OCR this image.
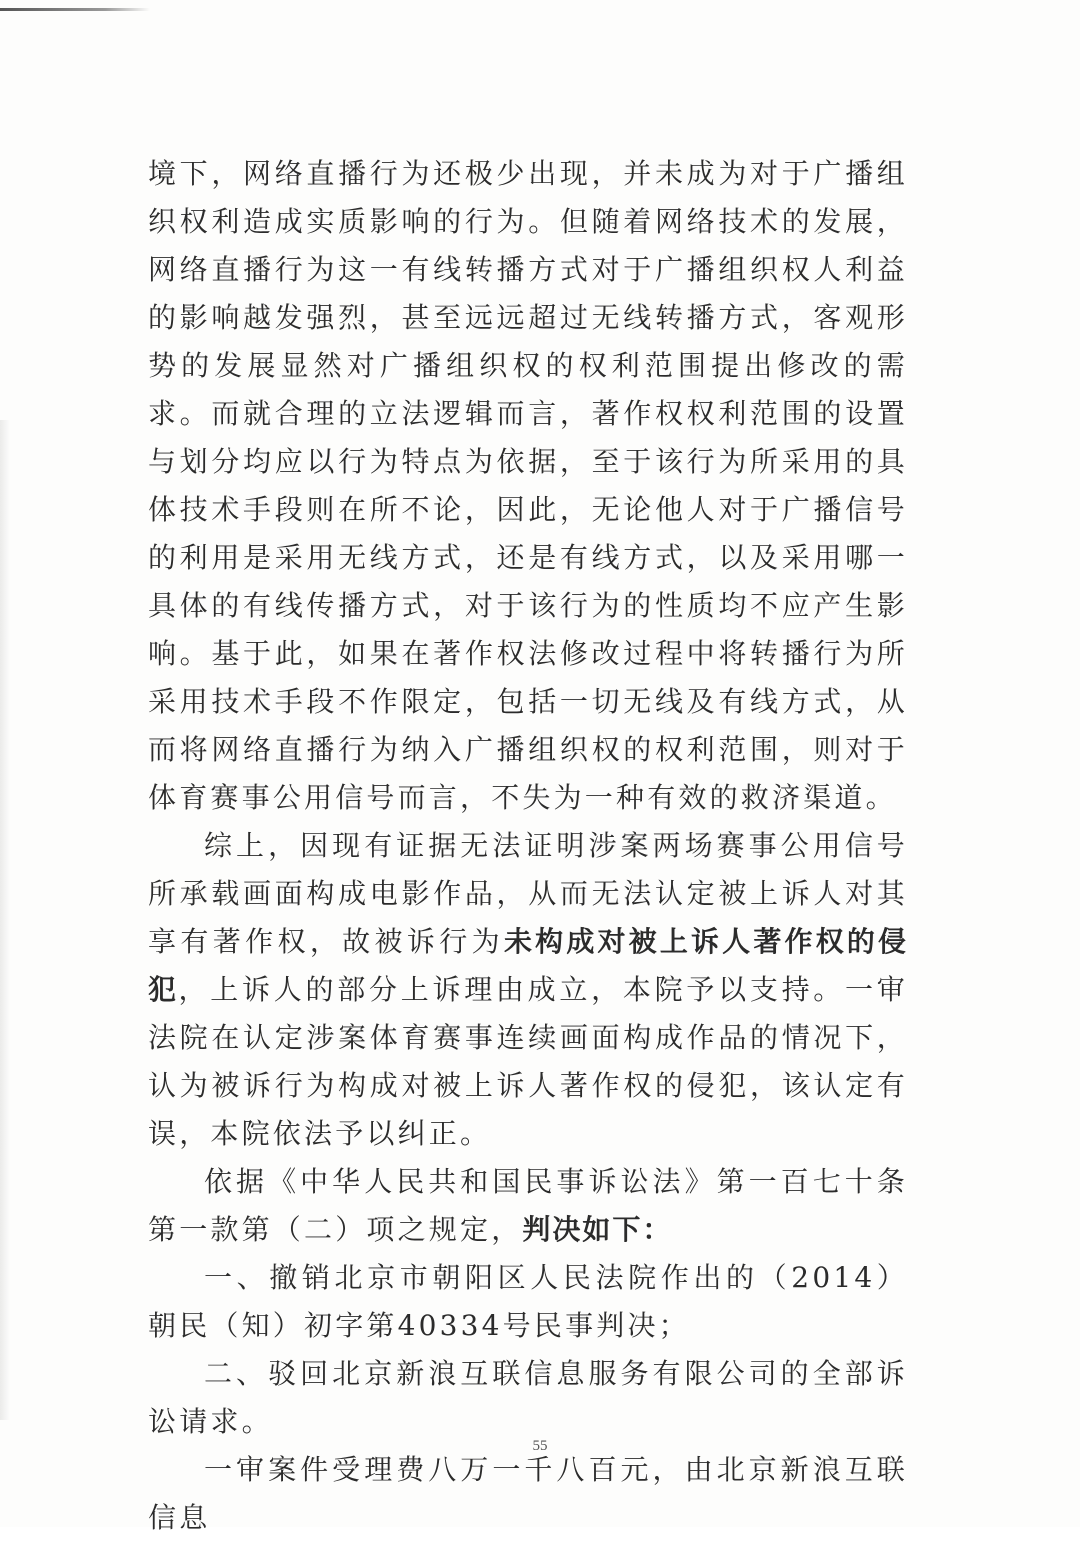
境下，网络直播行为还极少出现，并未成为对于广播组织权利造成实质影响的行为。但随着网络技术的发展，网络直播行为这一有线转播方式对于广播组织权人利益的影响越发强烈，甚至远远超过无线转播方式，客观形势的发展显然对广播组织权的权利范围提出修改的需求。而就合理的立法逻辑而言，著作权权利范围的设置与划分均应以行为特点为依据，至于该行为所采用的具体技术手段则在所不论，因此，无论他人对于广播信号的利用是采用无线方式，还是有线方式，以及采用哪一具体的有线传播方式，对于该行为的性质均不应产生影响。基于此，如果在著作权法修改过程中将转播行为所采用技术手段不作限定，包括一切无线及有线方式，从而将网络直播行为纳入广播组织权的权利范围，则对于体育赛事公用信号而言，不失为一种有效的救济渠道。

综上，因现有证据无法证明涉案两场赛事公用信号所承载画面构成电影作品，从而无法认定被上诉人对其享有著作权，故被诉行为未构成对被上诉人著作权的侵犯，上诉人的部分上诉理由成立，本院予以支持。一审法院在认定涉案体育赛事连续画面构成作品的情况下，认为被诉行为构成对被上诉人著作权的侵犯，该认定有误，本院依法予以纠正。

依据《中华人民共和国民事诉讼法》第一百七十条第一款第（二）项之规定，判决如下：

一、撤销北京市朝阳区人民法院作出的（2014）朝民（知）初字第40334号民事判决；

二、驳回北京新浪互联信息服务有限公司的全部诉讼请求。

一审案件受理费八万一千八百元，由北京新浪互联信息

55
